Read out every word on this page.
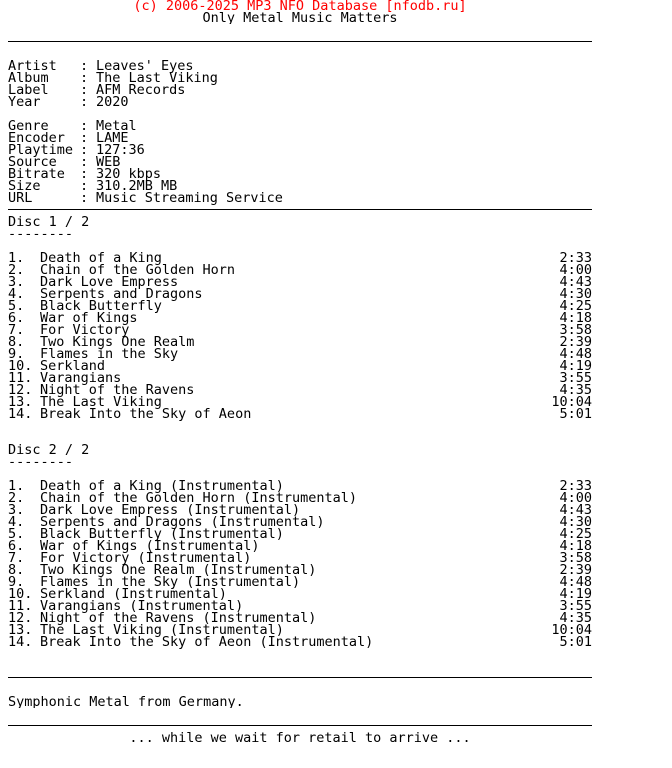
(c) 2006-2025 MP3 NFO Database [nfodb.ru]
Only Metal Music Matters
Artist	: Leaves' Eyes
Album	: The Last Viking
Label	: AFM Records
Year	: 2020
Genre	: Metal
Encoder	: LAME
Playtime : 127:36
Source	: WEB
Bitrate	: 320 kbps
Size	: 310.2MB MB
URL	: Music Streaming Service
Disc 1 / 2
--------
1.	Death of a King	2:33
2.	Chain of the Golden Horn	4:00
3.	Dark Love Empress	4:43
4.	Serpents and Dragons	4:30
5.	Black Butterfly	4:25
6.	War of Kings	4:18
7.	For Victory	3:58
8.	Two Kings One Realm	2:39
9.	Flames in the Sky	4:48
10. Serkland	4:19
11. Varangians	3:55
12. Night of the Ravens	4:35
13. The Last Viking	10:04
14. Break Into the Sky of Aeon	5:01
Disc 2 / 2
--------
1.	Death of a King (Instrumental)	2:33
2.	Chain of the Golden Horn (Instrumental)	4:00
3.	Dark Love Empress (Instrumental)	4:43
4.	Serpents and Dragons (Instrumental)	4:30
5.	Black Butterfly (Instrumental)	4:25
6.	War of Kings (Instrumental)	4:18
7.	For Victory (Instrumental)	3:58
8.	Two Kings One Realm (Instrumental)	2:39
9.	Flames in the Sky (Instrumental)	4:48
10. Serkland (Instrumental)	4:19
11. Varangians (Instrumental)	3:55
12. Night of the Ravens (Instrumental)	4:35
13. The Last Viking (Instrumental)	10:04
14. Break Into the Sky of Aeon (Instrumental)	5:01
Symphonic Metal from Germany.
... while we wait for retail to arrive ...
